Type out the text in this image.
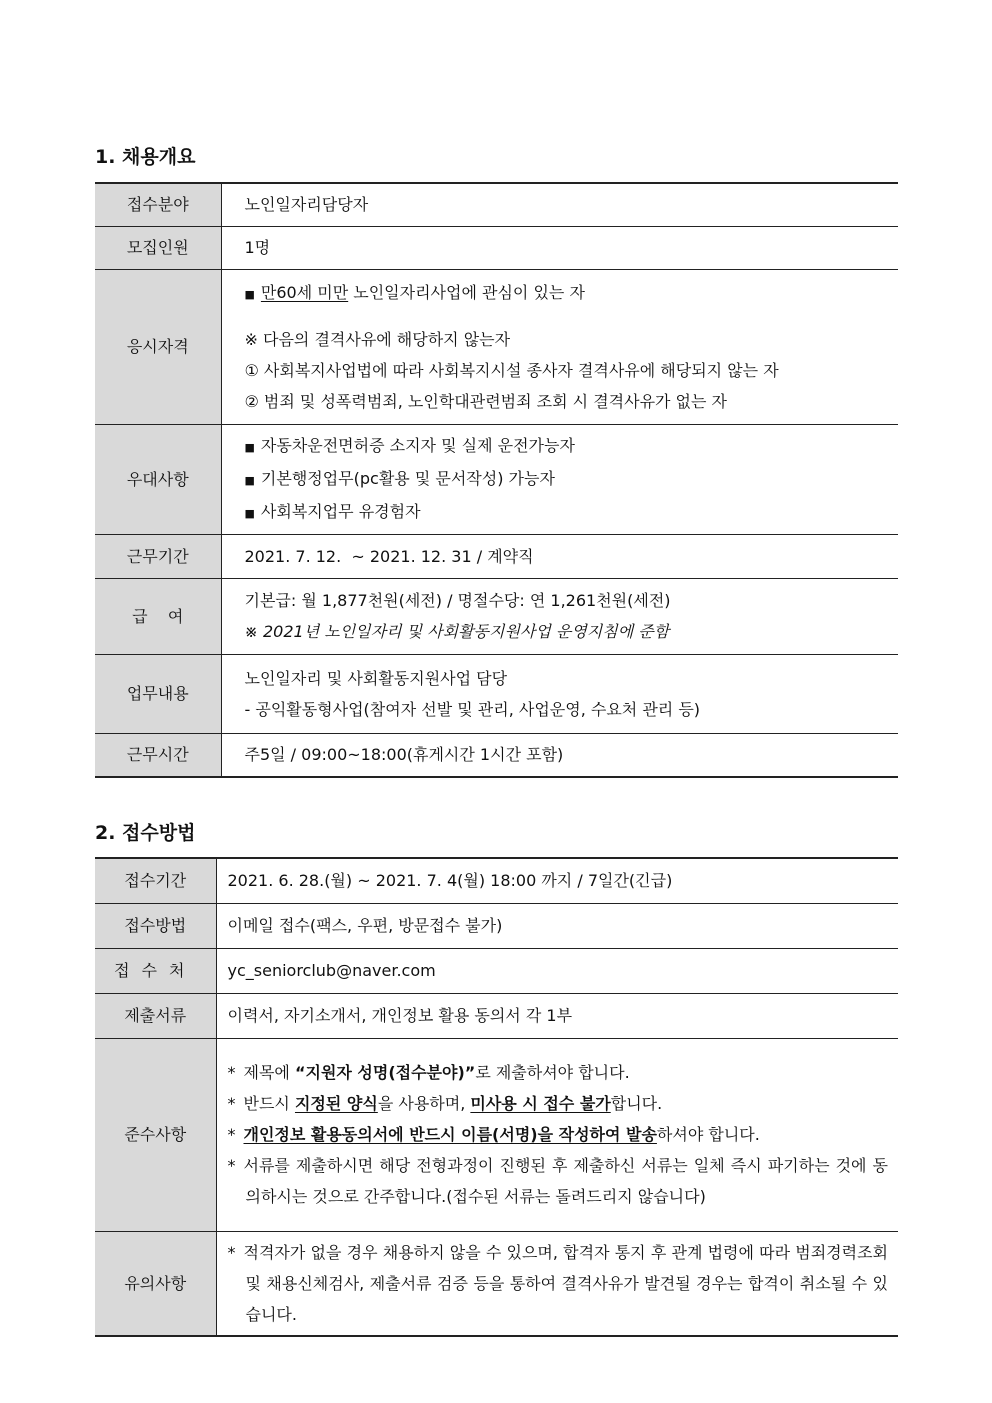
1. 채용개요
접수분야	노인일자리담당자
모집인원	1명
응시자격	■ 만60세 미만 노인일자리사업에 관심이 있는 자
※ 다음의 결격사유에 해당하지 않는자
① 사회복지사업법에 따라 사회복지시설 종사자 결격사유에 해당되지 않는 자
② 범죄 및 성폭력범죄, 노인학대관련범죄 조회 시 결격사유가 없는 자

우대사항	■ 자동차운전면허증 소지자 및 실제 운전가능자
■ 기본행정업무(pc활용 및 문서작성) 가능자
■ 사회복지업무 유경험자

근무기간	2021. 7. 12.  ~ 2021. 12. 31 / 계약직
급    여	기본급: 월 1,877천원(세전) / 명절수당: 연 1,261천원(세전)
※ 2021년 노인일자리 및 사회활동지원사업 운영지침에 준함

업무내용	노인일자리 및 사회활동지원사업 담당
- 공익활동형사업(참여자 선발 및 관리, 사업운영, 수요처 관리 등)

근무시간	주5일 / 09:00~18:00(휴게시간 1시간 포함)
2. 접수방법
접수기간	2021. 6. 28.(월) ~ 2021. 7. 4(월) 18:00 까지 / 7일간(긴급)
접수방법	이메일 접수(팩스, 우편, 방문접수 불가)
접수처	yc_seniorclub@naver.com
제출서류	이력서, 자기소개서, 개인정보 활용 동의서 각 1부
준수사항	* 제목에 “지원자 성명(접수분야)”로 제출하셔야 합니다.
* 반드시 지정된 양식을 사용하며, 미사용 시 접수 불가합니다.
* 개인정보 활용동의서에 반드시 이름(서명)을 작성하여 발송하셔야 합니다.
* 서류를 제출하시면 해당 전형과정이 진행된 후 제출하신 서류는 일체 즉시 파기하는 것에 동의하시는 것으로 간주합니다.(접수된 서류는 돌려드리지 않습니다)

유의사항	* 적격자가 없을 경우 채용하지 않을 수 있으며, 합격자 통지 후 관계 법령에 따라 범죄경력조회 및 채용신체검사, 제출서류 검증 등을 통하여 결격사유가 발견될 경우는 합격이 취소될 수 있습니다.
